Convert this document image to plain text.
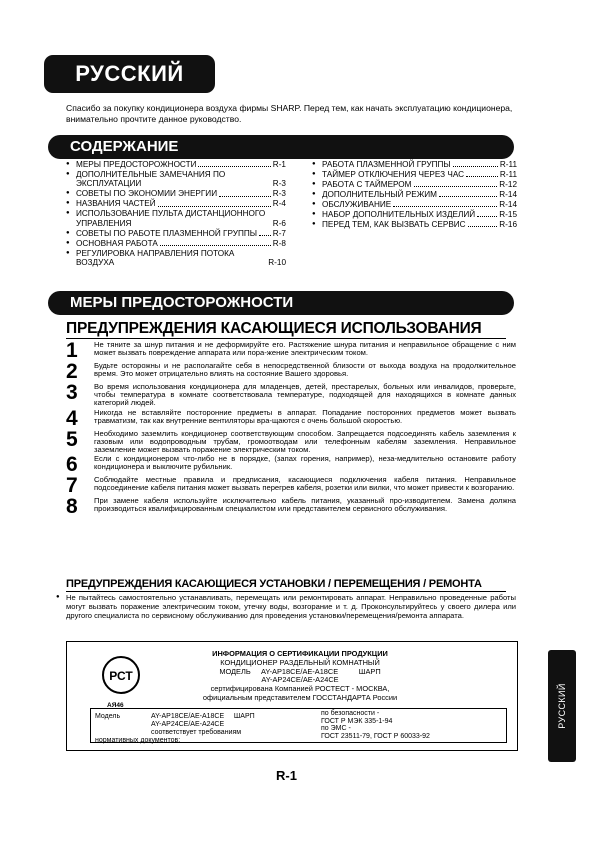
РУССКИЙ
Спасибо за покупку кондиционера воздуха фирмы SHARP. Перед тем, как начать эксплуатацию кондиционера, внимательно прочтите данное руководство.
СОДЕРЖАНИЕ
● МЕРЫ ПРЕДОСТОРОЖНОСТИ	R-1
● ДОПОЛНИТЕЛЬНЫЕ ЗАМЕЧАНИЯ ПО ЭКСПЛУАТАЦИИ	R-3
● СОВЕТЫ ПО ЭКОНОМИИ ЭНЕРГИИ	R-3
● НАЗВАНИЯ ЧАСТЕЙ	R-4
● ИСПОЛЬЗОВАНИЕ ПУЛЬТА ДИСТАНЦИОННОГО УПРАВЛЕНИЯ	R-6
● СОВЕТЫ ПО РАБОТЕ ПЛАЗМЕННОЙ ГРУППЫ R-7
● ОСНОВНАЯ РАБОТА	R-8
● РЕГУЛИРОВКА НАПРАВЛЕНИЯ ПОТОКА ВОЗДУХА	R-10
● РАБОТА ПЛАЗМЕННОЙ ГРУППЫ	R-11
● ТАЙМЕР ОТКЛЮЧЕНИЯ ЧЕРЕЗ ЧАС	R-11
● РАБОТА С ТАЙМЕРОМ	R-12
● ДОПОЛНИТЕЛЬНЫЙ РЕЖИМ	R-14
● ОБСЛУЖИВАНИЕ	R-14
● НАБОР ДОПОЛНИТЕЛЬНЫХ ИЗДЕЛИЙ	R-15
● ПЕРЕД ТЕМ, КАК ВЫЗВАТЬ СЕРВИС	R-16
МЕРЫ ПРЕДОСТОРОЖНОСТИ
ПРЕДУПРЕЖДЕНИЯ КАСАЮЩИЕСЯ ИСПОЛЬЗОВАНИЯ
1	Не тяните за шнур питания и не деформируйте его. Растяжение шнура питания и неправильное обращение с ним может вызвать повреждение аппарата или пора-жение электрическим током.
2	Будьте осторожны и не располагайте себя в непосредственной близости от выхода воздуха на продолжительное время. Это может отрицательно влиять на состояние Вашего здоровья.
3	Во время использования кондиционера для младенцев, детей, престарелых, больных или инвалидов, проверьте, чтобы температура в комнате соответствовала температуре, подходящей для находящихся в комнате данных категорий людей.
4	Никогда не вставляйте посторонние предметы в аппарат. Попадание посторонних предметов может вызвать травматизм, так как внутренние вентиляторы вра-щаются с очень большой скоростью.
5	Необходимо заземлить кондиционер соответствующим способом. Запрещается подсоединять кабель заземления к газовым или водопроводным трубам, громоотводам или телефонным кабелям заземления. Неправильное заземление может вызвать поражение электрическим током.
6	Если с кондиционером что-либо не в порядке, (запах горения, например), неза-медлительно остановите работу кондиционера и выключите рубильник.
7	Соблюдайте местные правила и предписания, касающиеся подключения кабеля питания. Неправильное подсоединение кабеля питания может вызвать перегрев кабеля, розетки или вилки, что может привести к возгоранию.
8	При замене кабеля используйте исключительно кабель питания, указанный про-изводителем. Замена должна производиться квалифицированным специалистом или представителем сервисного обслуживания.
ПРЕДУПРЕЖДЕНИЯ КАСАЮЩИЕСЯ УСТАНОВКИ / ПЕРЕМЕЩЕНИЯ / РЕМОНТА
● Не пытайтесь самостоятельно устанавливать, перемещать или ремонтировать аппарат. Неправильно проведенные работы могут вызвать поражение электрическим током, утечку воды, возгорание и т. д. Проконсультируйтесь у своего дилера или другого специалиста по сервисному обслуживанию для проведения установки/перемещения/ремонта аппарата.
РСТ
АЯ46
ИНФОРМАЦИЯ О СЕРТИФИКАЦИИ ПРОДУКЦИИ
КОНДИЦИОНЕР РАЗДЕЛЬНЫЙ КОМНАТНЫЙ
МОДЕЛЬ     AY-AP18CE/AE-A18CE          ШАРП
AY-AP24CE/AE-A24CE
сертифицирована Компанией РОСТЕСТ - МОСКВА,
официальным представителем ГОССТАНДАРТА России
Модель	AY-AP18CE/AE-A18CE     ШАРП
AY-AP24CE/AE-A24CE
соответствует требованиям
нормативных документов:
по безопасности -
ГОСТ Р МЭК 335-1-94
по ЭМС -
ГОСТ 23511-79, ГОСТ Р 60033-92
R-1
РУССКИЙ
